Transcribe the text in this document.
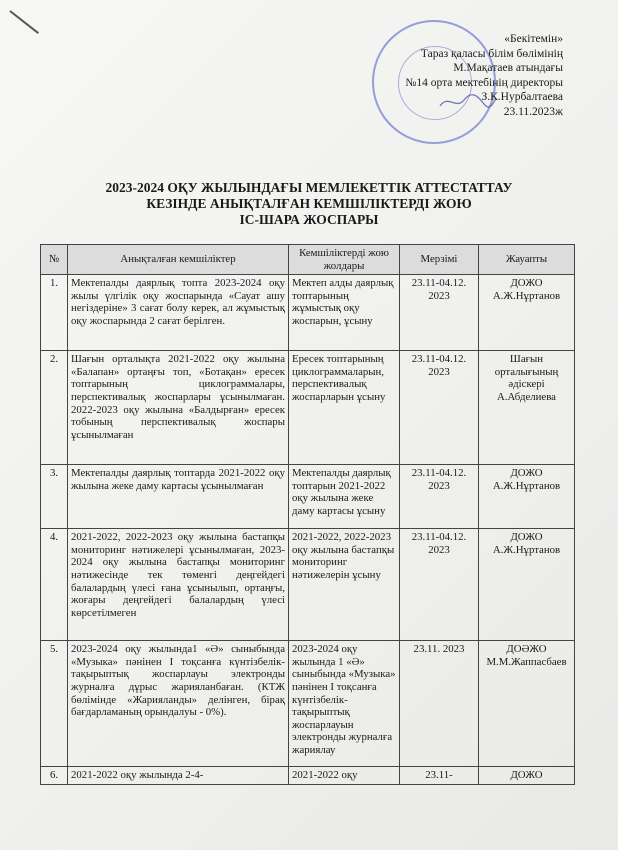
«Бекітемін»
Тараз қаласы білім бөлімінің
М.Мақатаев атындағы
№14 орта мектебінің директоры
З.К.Нурбалтаева
23.11.2023ж
2023-2024 ОҚУ ЖЫЛЫНДАҒЫ МЕМЛЕКЕТТІК АТТЕСТАТТАУ
КЕЗІНДЕ АНЫҚТАЛҒАН КЕМШІЛІКТЕРДІ ЖОЮ
ІС-ШАРА ЖОСПАРЫ
№	Анықталған кемшіліктер	Кемшіліктерді жою жолдары	Мерзімі	Жауапты
1.	Мектепалды даярлық топта 2023-2024 оқу жылы үлгілік оқу жоспарында «Сауат ашу негіздеріне» 3 сағат болу керек, ал жұмыстық оқу жоспарында 2 сағат берілген.	Мектеп алды даярлық топтарының жұмыстық оқу жоспарын, ұсыну	23.11-04.12. 2023	ДОЖО А.Ж.Нұртанов
2.	Шағын орталықта 2021-2022 оқу жылына «Балапан» ортаңғы топ, «Ботақан» ересек топтарының циклограммалары, перспективалық жоспарлары ұсынылмаған. 2022-2023 оқу жылына «Балдырған» ересек тобының перспективалық жоспары ұсынылмаған	Ересек топтарының циклограммаларын, перспективалық жоспарларын ұсыну	23.11-04.12. 2023	Шағын орталығының әдіскері А.Абделиева
3.	Мектепалды даярлық топтарда 2021-2022 оқу жылына жеке даму картасы ұсынылмаған	Мектепалды даярлық топтарын 2021-2022 оқу жылына жеке даму картасы ұсыну	23.11-04.12. 2023	ДОЖО А.Ж.Нұртанов
4.	2021-2022, 2022-2023 оқу жылына бастапқы мониторинг нәтижелері ұсынылмаған, 2023-2024 оқу жылына бастапқы мониторинг нәтижесінде тек төменгі деңгейдегі балалардың үлесі ғана ұсынылып, ортаңғы, жоғары деңгейдегі балалардың үлесі көрсетілмеген	2021-2022, 2022-2023 оқу жылына бастапқы мониторинг нәтижелерін ұсыну	23.11-04.12. 2023	ДОЖО А.Ж.Нұртанов
5.	2023-2024 оқу жылында1 «Ә» сыныбында «Музыка» пәнінен I тоқсанға күнтізбелік-тақырыптық жоспарлауы электронды журналға дұрыс жарияланбаған. (КТЖ бөлімінде «Жарияланды» делінген, бірақ бағдарламаның орындалуы - 0%).	2023-2024 оқу жылында 1 «Ә» сыныбында «Музыка» пәнінен I тоқсанға күнтізбелік-тақырыптық жоспарлауын электронды журналға жариялау	23.11. 2023	ДОӘЖО М.М.Жаппасбаев
6.	2021-2022 оқу жылында 2-4-	2021-2022 оқу	23.11-	ДОЖО
